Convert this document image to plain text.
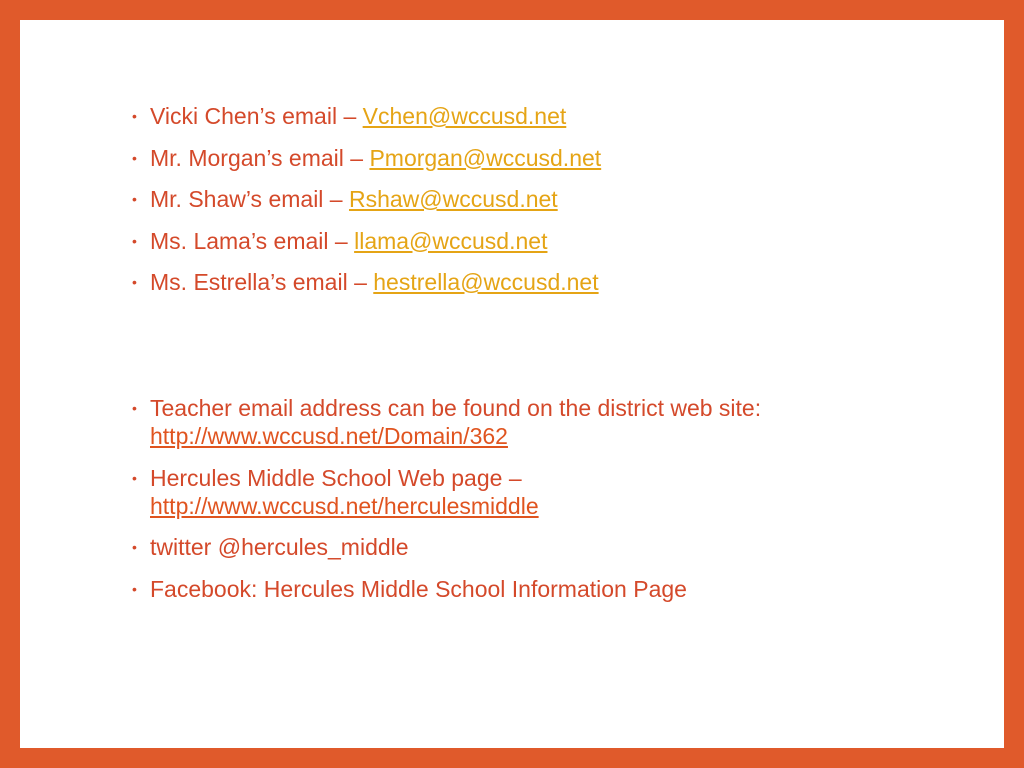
• Vicki Chen’s email – Vchen@wccusd.net
• Mr. Morgan’s email – Pmorgan@wccusd.net
• Mr. Shaw’s email – Rshaw@wccusd.net
• Ms. Lama’s email – llama@wccusd.net
• Ms. Estrella’s email – hestrella@wccusd.net
• Teacher email address can be found on the district web site: http://www.wccusd.net/Domain/362
• Hercules Middle School Web page – http://www.wccusd.net/herculesmiddle
• twitter @hercules_middle
• Facebook: Hercules Middle School Information Page
